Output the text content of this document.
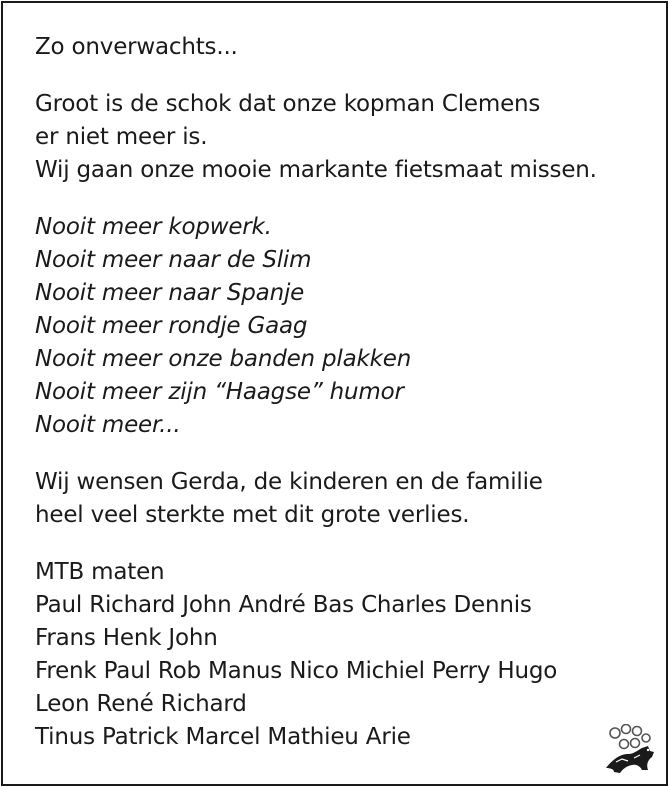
Zo onverwachts...
Groot is de schok dat onze kopman Clemens
er niet meer is.
Wij gaan onze mooie markante fietsmaat missen.
Nooit meer kopwerk.
Nooit meer naar de Slim
Nooit meer naar Spanje
Nooit meer rondje Gaag
Nooit meer onze banden plakken
Nooit meer zijn “Haagse” humor
Nooit meer...
Wij wensen Gerda, de kinderen en de familie
heel veel sterkte met dit grote verlies.
MTB maten
Paul Richard John André Bas Charles Dennis
Frans Henk John
Frenk Paul Rob Manus Nico Michiel Perry Hugo
Leon René Richard
Tinus Patrick Marcel Mathieu Arie
